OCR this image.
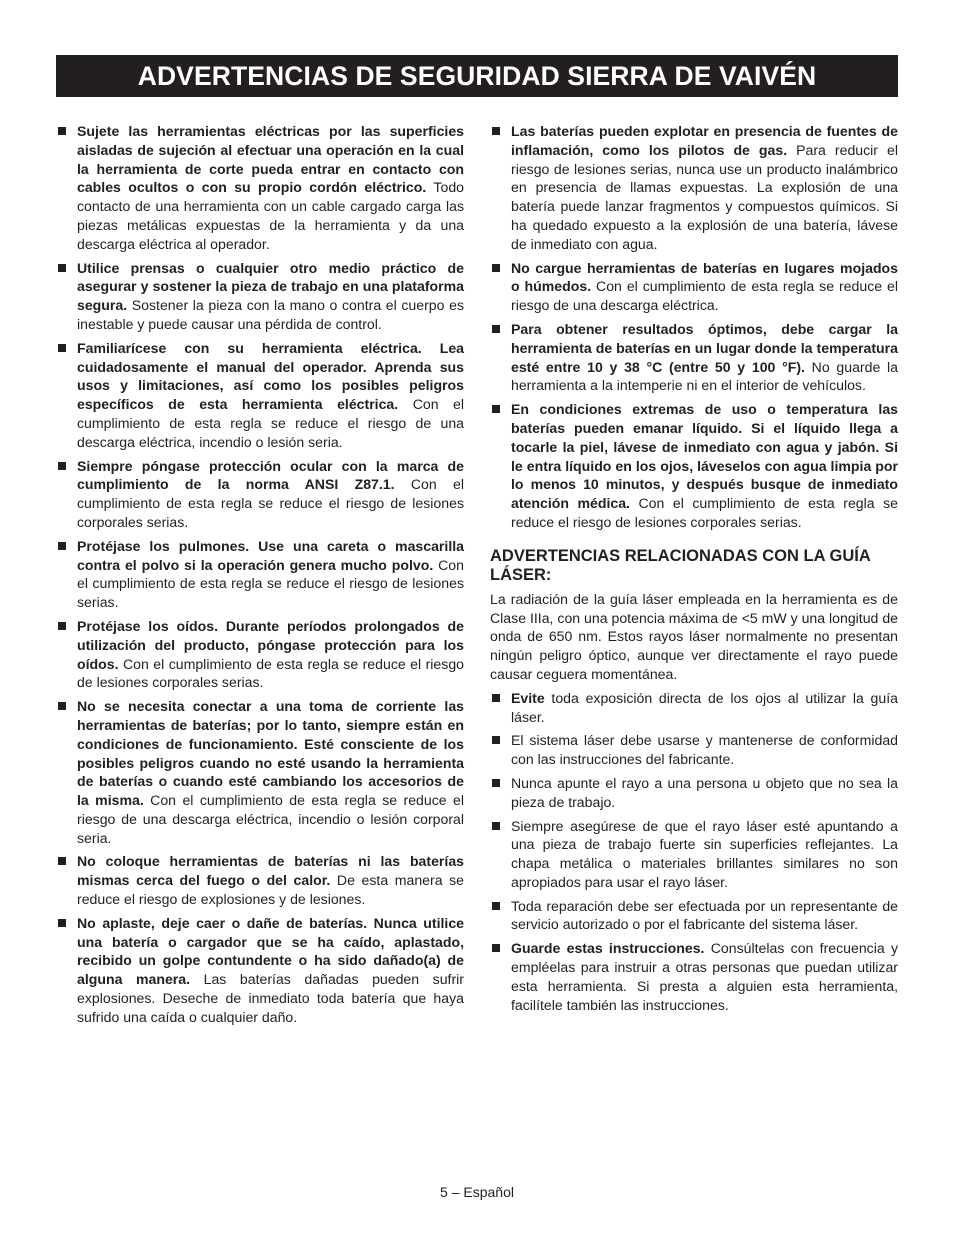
ADVERTENCIAS DE SEGURIDAD SIERRA DE VAIVÉN
Sujete las herramientas eléctricas por las superficies aisladas de sujeción al efectuar una operación en la cual la herramienta de corte pueda entrar en contacto con cables ocultos o con su propio cordón eléctrico. Todo contacto de una herramienta con un cable cargado carga las piezas metálicas expuestas de la herramienta y da una descarga eléctrica al operador.
Utilice prensas o cualquier otro medio práctico de asegurar y sostener la pieza de trabajo en una plataforma segura. Sostener la pieza con la mano o contra el cuerpo es inestable y puede causar una pérdida de control.
Familiarícese con su herramienta eléctrica. Lea cuidadosamente el manual del operador. Aprenda sus usos y limitaciones, así como los posibles peligros específicos de esta herramienta eléctrica. Con el cumplimiento de esta regla se reduce el riesgo de una descarga eléctrica, incendio o lesión seria.
Siempre póngase protección ocular con la marca de cumplimiento de la norma ANSI Z87.1. Con el cumplimiento de esta regla se reduce el riesgo de lesiones corporales serias.
Protéjase los pulmones. Use una careta o mascarilla contra el polvo si la operación genera mucho polvo. Con el cumplimiento de esta regla se reduce el riesgo de lesiones serias.
Protéjase los oídos. Durante períodos prolongados de utilización del producto, póngase protección para los oídos. Con el cumplimiento de esta regla se reduce el riesgo de lesiones corporales serias.
No se necesita conectar a una toma de corriente las herramientas de baterías; por lo tanto, siempre están en condiciones de funcionamiento. Esté consciente de los posibles peligros cuando no esté usando la herramienta de baterías o cuando esté cambiando los accesorios de la misma. Con el cumplimiento de esta regla se reduce el riesgo de una descarga eléctrica, incendio o lesión corporal seria.
No coloque herramientas de baterías ni las baterías mismas cerca del fuego o del calor. De esta manera se reduce el riesgo de explosiones y de lesiones.
No aplaste, deje caer o dañe de baterías. Nunca utilice una batería o cargador que se ha caído, aplastado, recibido un golpe contundente o ha sido dañado(a) de alguna manera. Las baterías dañadas pueden sufrir explosiones. Deseche de inmediato toda batería que haya sufrido una caída o cualquier daño.
Las baterías pueden explotar en presencia de fuentes de inflamación, como los pilotos de gas. Para reducir el riesgo de lesiones serias, nunca use un producto inalámbrico en presencia de llamas expuestas. La explosión de una batería puede lanzar fragmentos y compuestos químicos. Si ha quedado expuesto a la explosión de una batería, lávese de inmediato con agua.
No cargue herramientas de baterías en lugares mojados o húmedos. Con el cumplimiento de esta regla se reduce el riesgo de una descarga eléctrica.
Para obtener resultados óptimos, debe cargar la herramienta de baterías en un lugar donde la temperatura esté entre 10 y 38 °C (entre 50 y 100 °F). No guarde la herramienta a la intemperie ni en el interior de vehículos.
En condiciones extremas de uso o temperatura las baterías pueden emanar líquido. Si el líquido llega a tocarle la piel, lávese de inmediato con agua y jabón. Si le entra líquido en los ojos, láveselos con agua limpia por lo menos 10 minutos, y después busque de inmediato atención médica. Con el cumplimiento de esta regla se reduce el riesgo de lesiones corporales serias.
ADVERTENCIAS RELACIONADAS CON LA GUÍA LÁSER:
La radiación de la guía láser empleada en la herramienta es de Clase IIIa, con una potencia máxima de <5 mW y una longitud de onda de 650 nm. Estos rayos láser normalmente no presentan ningún peligro óptico, aunque ver directamente el rayo puede causar ceguera momentánea.
Evite toda exposición directa de los ojos al utilizar la guía láser.
El sistema láser debe usarse y mantenerse de conformidad con las instrucciones del fabricante.
Nunca apunte el rayo a una persona u objeto que no sea la pieza de trabajo.
Siempre asegúrese de que el rayo láser esté apuntando a una pieza de trabajo fuerte sin superficies reflejantes. La chapa metálica o materiales brillantes similares no son apropiados para usar el rayo láser.
Toda reparación debe ser efectuada por un representante de servicio autorizado o por el fabricante del sistema láser.
Guarde estas instrucciones. Consúltelas con frecuencia y empléelas para instruir a otras personas que puedan utilizar esta herramienta. Si presta a alguien esta herramienta, facilítele también las instrucciones.
5 – Español
